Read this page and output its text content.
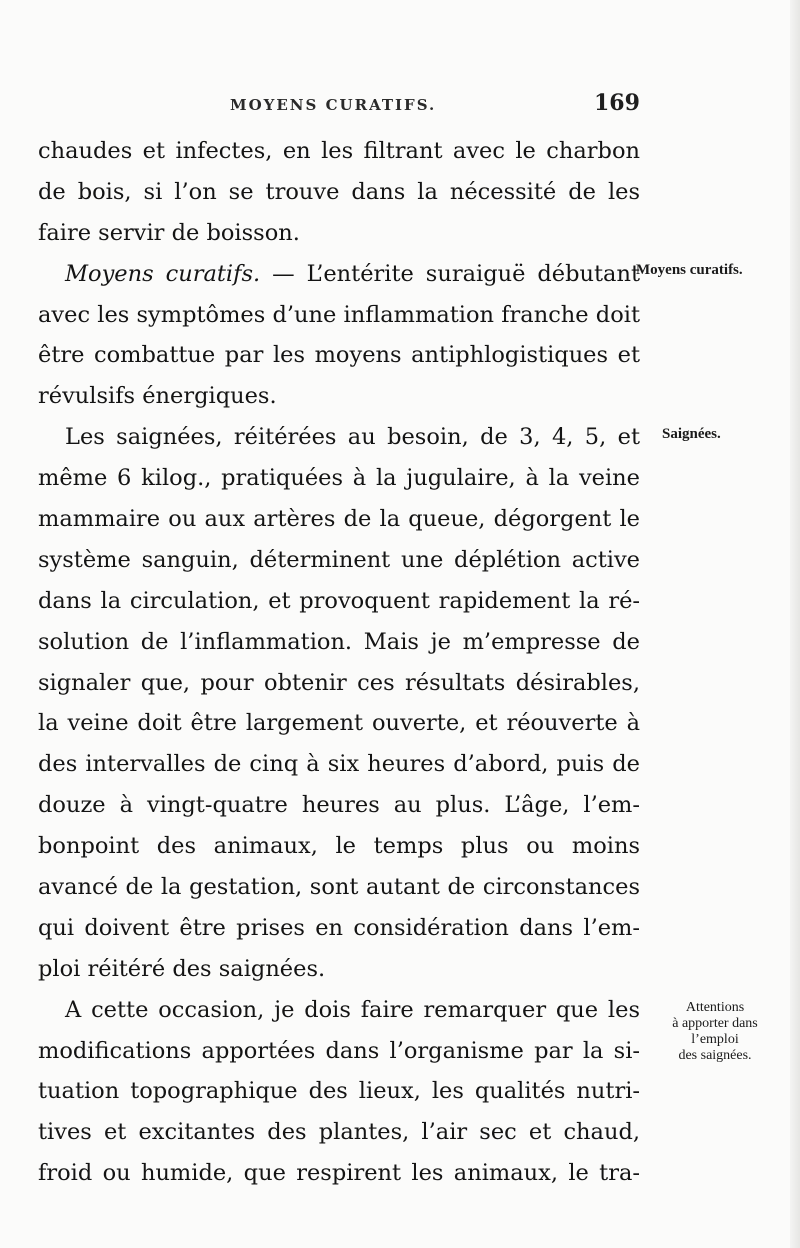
MOYENS CURATIFS.	169
chaudes et infectes, en les filtrant avec le charbon
de bois, si l’on se trouve dans la nécessité de les
faire servir de boisson.
Moyens curatifs. — L’entérite suraiguë débutant
avec les symptômes d’une inflammation franche doit
être combattue par les moyens antiphlogistiques et
révulsifs énergiques.
Les saignées, réitérées au besoin, de 3, 4, 5, et
même 6 kilog., pratiquées à la jugulaire, à la veine
mammaire ou aux artères de la queue, dégorgent le
système sanguin, déterminent une déplétion active
dans la circulation, et provoquent rapidement la ré-
solution de l’inflammation. Mais je m’empresse de
signaler que, pour obtenir ces résultats désirables,
la veine doit être largement ouverte, et réouverte à
des intervalles de cinq à six heures d’abord, puis de
douze à vingt-quatre heures au plus. L’âge, l’em-
bonpoint des animaux, le temps plus ou moins
avancé de la gestation, sont autant de circonstances
qui doivent être prises en considération dans l’em-
ploi réitéré des saignées.
A cette occasion, je dois faire remarquer que les
modifications apportées dans l’organisme par la si-
tuation topographique des lieux, les qualités nutri-
tives et excitantes des plantes, l’air sec et chaud,
froid ou humide, que respirent les animaux, le tra-
Moyens curatifs.
Saignées.
Attentions
à apporter dans
l’emploi
des saignées.
